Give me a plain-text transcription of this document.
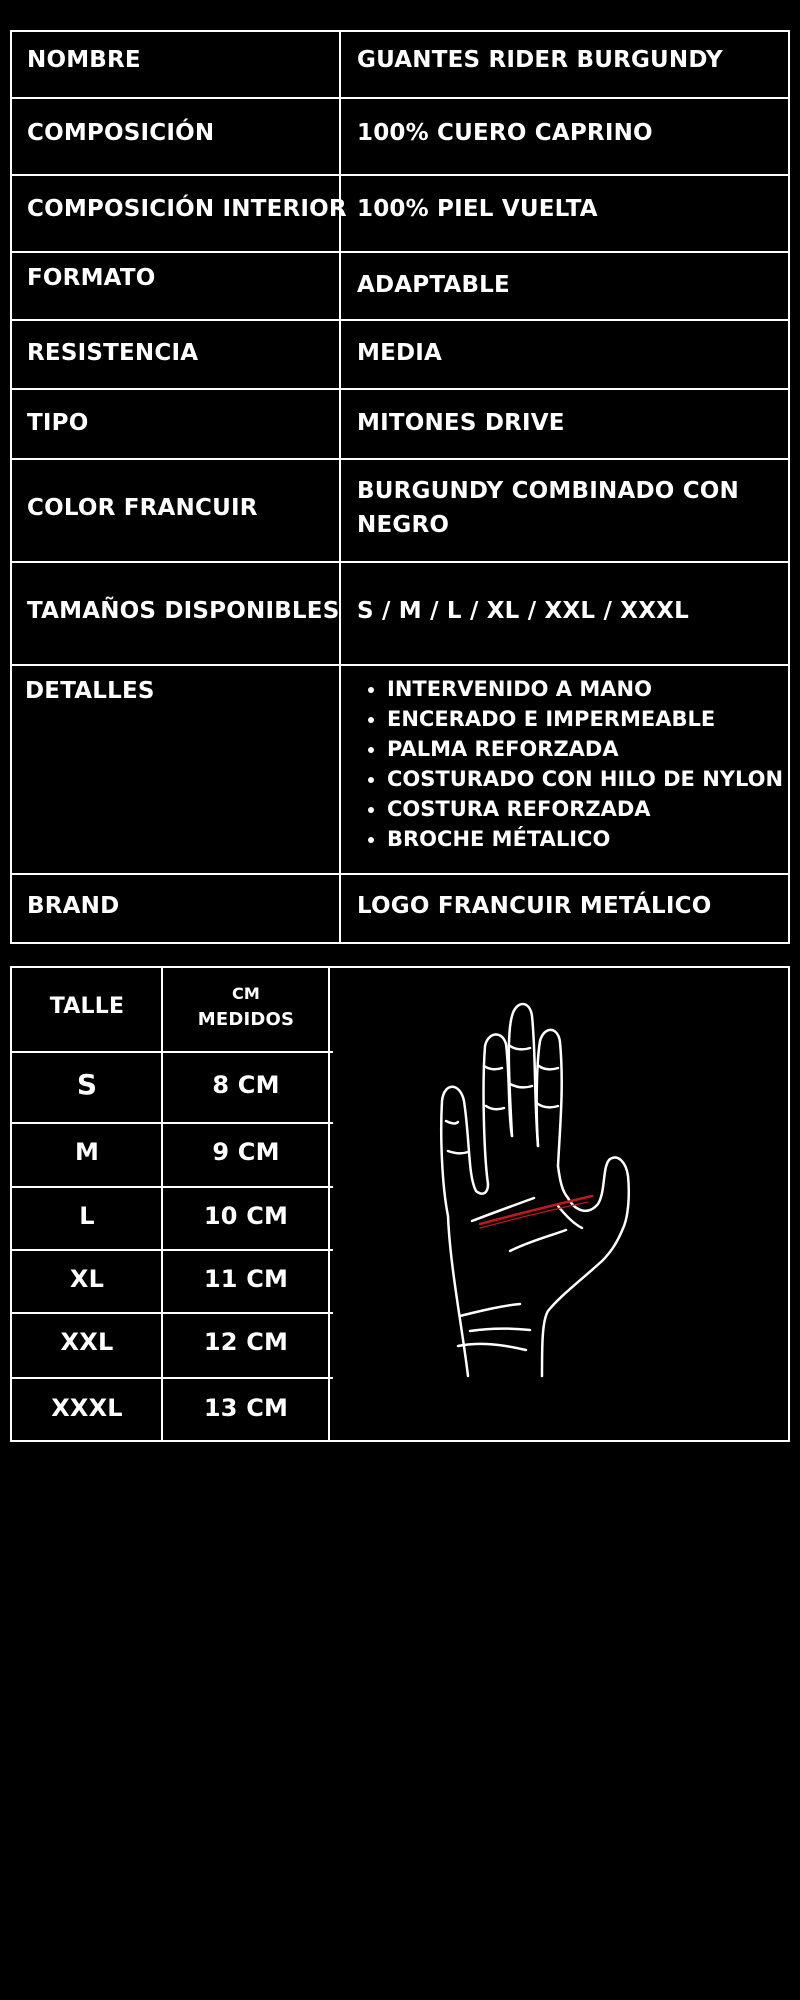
NOMBRE	GUANTES RIDER BURGUNDY
COMPOSICIÓN	100% CUERO CAPRINO
COMPOSICIÓN INTERIOR 100% PIEL VUELTA
FORMATO	ADAPTABLE
RESISTENCIA	MEDIA
TIPO	MITONES DRIVE
COLOR FRANCUIR
BURGUNDY COMBINADO CON
NEGRO
TAMAÑOS DISPONIBLES S / M / L / XL / XXL / XXXL
DETALLES
•	INTERVENIDO A MANO
• ENCERADO E IMPERMEABLE
• PALMA REFORZADA
• COSTURADO CON HILO DE NYLON
• COSTURA REFORZADA
• BROCHE MÉTALICO
BRAND	LOGO FRANCUIR METÁLICO
TALLE
CM
MEDIDOS
S	8 CM
M	9 CM
L	10 CM
XL	11 CM
XXL	12 CM
XXXL	13 CM
